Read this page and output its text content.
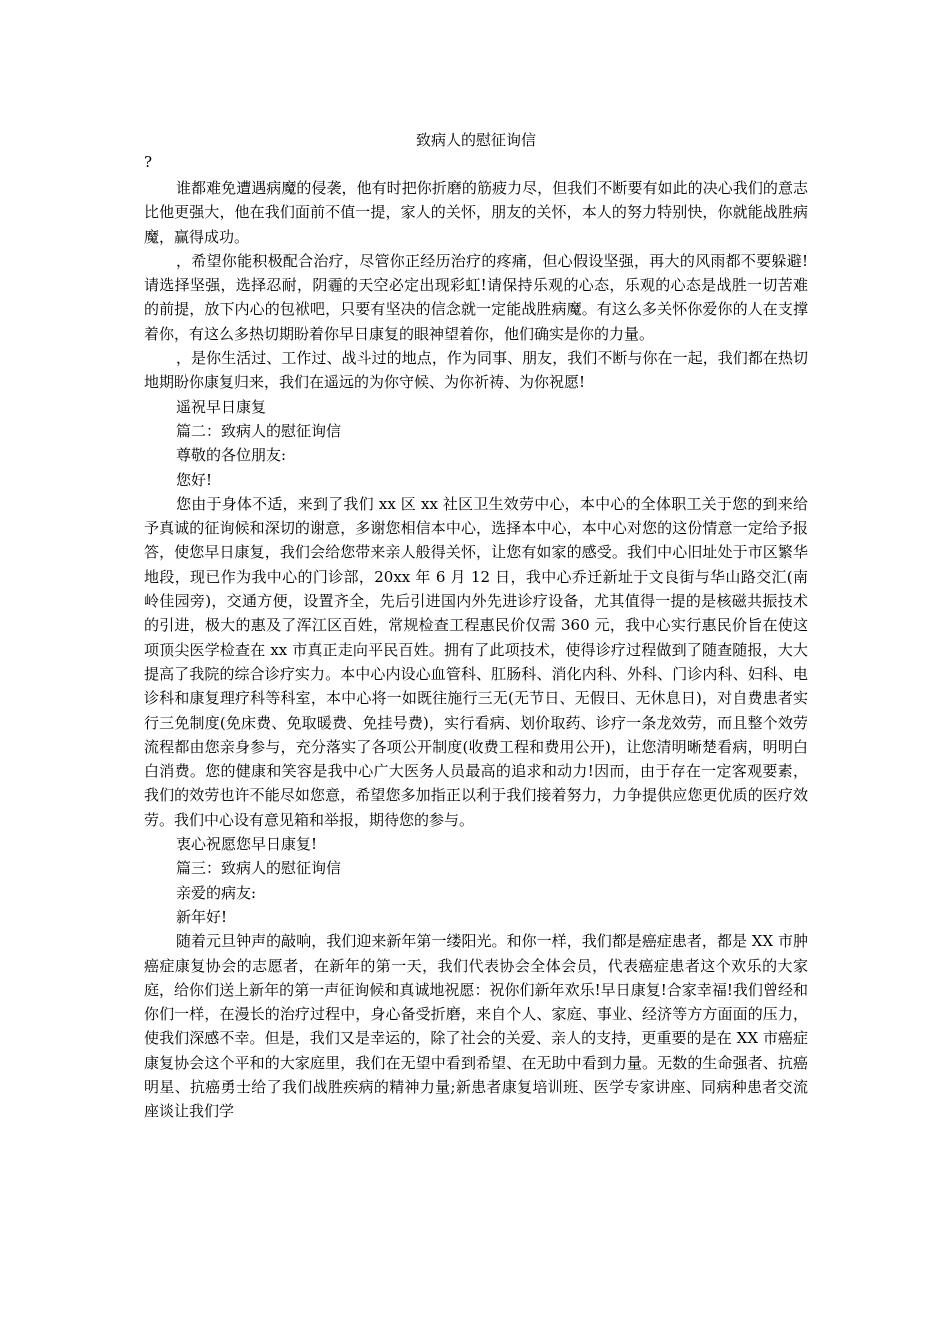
致病人的慰征询信
?

谁都难免遭遇病魔的侵袭，他有时把你折磨的筋疲力尽，但我们不断要有如此的决心我们的意志比他更强大，他在我们面前不值一提，家人的关怀，朋友的关怀，本人的努力特别快，你就能战胜病魔，赢得成功。

，希望你能积极配合治疗，尽管你正经历治疗的疼痛，但心假设坚强，再大的风雨都不要躲避!请选择坚强，选择忍耐，阴霾的天空必定出现彩虹!请保持乐观的心态，乐观的心态是战胜一切苦难的前提，放下内心的包袱吧，只要有坚决的信念就一定能战胜病魔。有这么多关怀你爱你的人在支撑着你，有这么多热切期盼着你早日康复的眼神望着你，他们确实是你的力量。

，是你生活过、工作过、战斗过的地点，作为同事、朋友，我们不断与你在一起，我们都在热切地期盼你康复归来，我们在遥远的为你守候、为你祈祷、为你祝愿!

遥祝早日康复

篇二：致病人的慰征询信

尊敬的各位朋友:

您好!

您由于身体不适，来到了我们 xx 区 xx 社区卫生效劳中心，本中心的全体职工关于您的到来给予真诚的征询候和深切的谢意，多谢您相信本中心，选择本中心，本中心对您的这份情意一定给予报答，使您早日康复，我们会给您带来亲人般得关怀，让您有如家的感受。我们中心旧址处于市区繁华地段，现已作为我中心的门诊部，20xx 年 6 月 12 日，我中心乔迁新址于文良街与华山路交汇(南岭佳园旁)，交通方便，设置齐全，先后引进国内外先进诊疗设备，尤其值得一提的是核磁共振技术的引进，极大的惠及了浑江区百姓，常规检查工程惠民价仅需 360 元，我中心实行惠民价旨在使这项顶尖医学检查在 xx 市真正走向平民百姓。拥有了此项技术，使得诊疗过程做到了随查随报，大大提高了我院的综合诊疗实力。本中心内设心血管科、肛肠科、消化内科、外科、门诊内科、妇科、电诊科和康复理疗科等科室，本中心将一如既往施行三无(无节日、无假日、无休息日)，对自费患者实行三免制度(免床费、免取暖费、免挂号费)，实行看病、划价取药、诊疗一条龙效劳，而且整个效劳流程都由您亲身参与，充分落实了各项公开制度(收费工程和费用公开)，让您清明晰楚看病，明明白白消费。您的健康和笑容是我中心广大医务人员最高的追求和动力!因而，由于存在一定客观要素，我们的效劳也许不能尽如您意，希望您多加指正以利于我们接着努力，力争提供应您更优质的医疗效劳。我们中心设有意见箱和举报，期待您的参与。

衷心祝愿您早日康复!

篇三：致病人的慰征询信

亲爱的病友:

新年好!

随着元旦钟声的敲响，我们迎来新年第一缕阳光。和你一样，我们都是癌症患者，都是 XX 市肿癌症康复协会的志愿者，在新年的第一天，我们代表协会全体会员，代表癌症患者这个欢乐的大家庭，给你们送上新年的第一声征询候和真诚地祝愿：祝你们新年欢乐!早日康复!合家幸福!我们曾经和你们一样，在漫长的治疗过程中，身心备受折磨，来自个人、家庭、事业、经济等方方面面的压力，使我们深感不幸。但是，我们又是幸运的，除了社会的关爱、亲人的支持，更重要的是在 XX 市癌症康复协会这个平和的大家庭里，我们在无望中看到希望、在无助中看到力量。无数的生命强者、抗癌明星、抗癌勇士给了我们战胜疾病的精神力量;新患者康复培训班、医学专家讲座、同病种患者交流座谈让我们学
